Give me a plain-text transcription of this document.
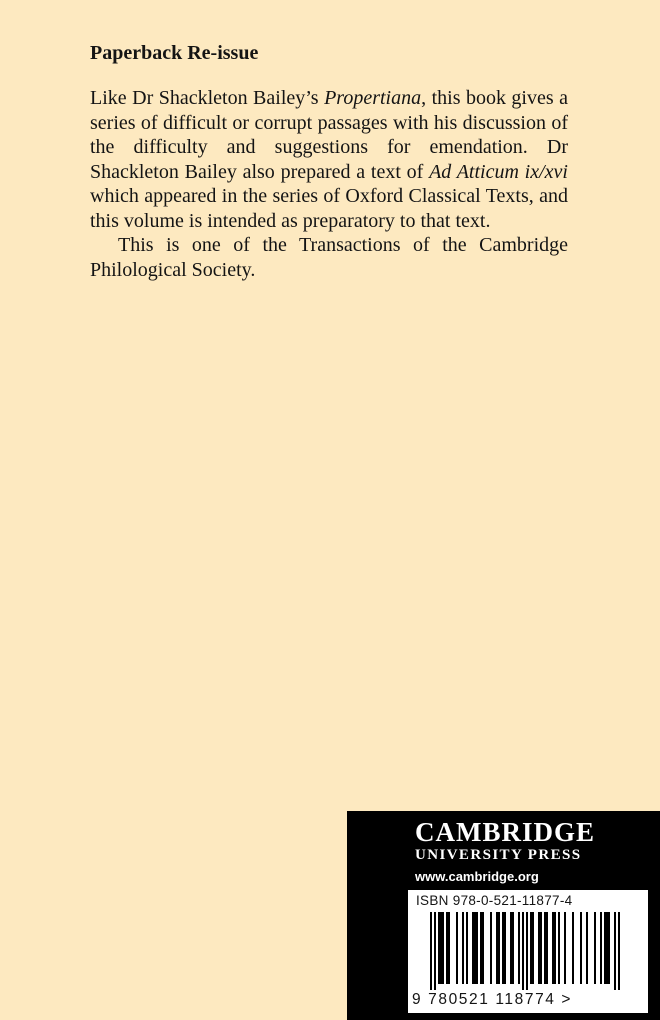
Paperback Re-issue

Like Dr Shackleton Bailey’s Propertiana, this book gives a series of difficult or corrupt passages with his discussion of the difficulty and suggestions for emendation. Dr Shackleton Bailey also prepared a text of Ad Atticum ix/xvi which appeared in the series of Oxford Classical Texts, and this volume is intended as preparatory to that text.

This is one of the Transactions of the Cambridge Philological Society.

CAMBRIDGE
UNIVERSITY PRESS
www.cambridge.org
ISBN 978-0-521-11877-4
9 780521 118774 >
